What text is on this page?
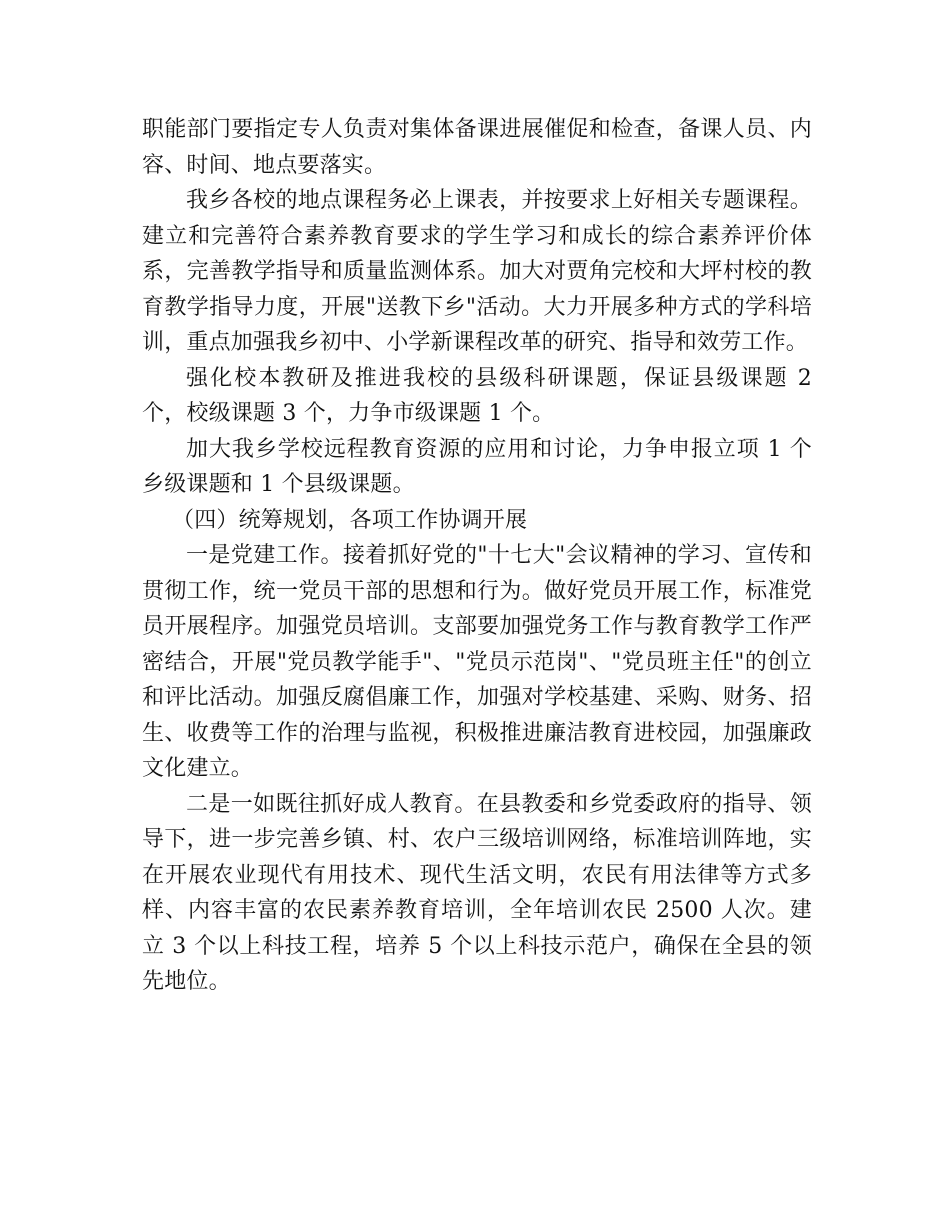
职能部门要指定专人负责对集体备课进展催促和检查，备课人员、内容、时间、地点要落实。

我乡各校的地点课程务必上课表，并按要求上好相关专题课程。建立和完善符合素养教育要求的学生学习和成长的综合素养评价体系，完善教学指导和质量监测体系。加大对贾角完校和大坪村校的教育教学指导力度，开展"送教下乡"活动。大力开展多种方式的学科培训，重点加强我乡初中、小学新课程改革的研究、指导和效劳工作。

强化校本教研及推进我校的县级科研课题，保证县级课题 2 个，校级课题 3 个，力争市级课题 1 个。

加大我乡学校远程教育资源的应用和讨论，力争申报立项 1 个乡级课题和 1 个县级课题。

（四）统筹规划，各项工作协调开展

一是党建工作。接着抓好党的"十七大"会议精神的学习、宣传和贯彻工作，统一党员干部的思想和行为。做好党员开展工作，标准党员开展程序。加强党员培训。支部要加强党务工作与教育教学工作严密结合，开展"党员教学能手"、"党员示范岗"、"党员班主任"的创立和评比活动。加强反腐倡廉工作，加强对学校基建、采购、财务、招生、收费等工作的治理与监视，积极推进廉洁教育进校园，加强廉政文化建立。

二是一如既往抓好成人教育。在县教委和乡党委政府的指导、领导下，进一步完善乡镇、村、农户三级培训网络，标准培训阵地，实在开展农业现代有用技术、现代生活文明，农民有用法律等方式多样、内容丰富的农民素养教育培训，全年培训农民 2500 人次。建立 3 个以上科技工程，培养 5 个以上科技示范户，确保在全县的领先地位。
